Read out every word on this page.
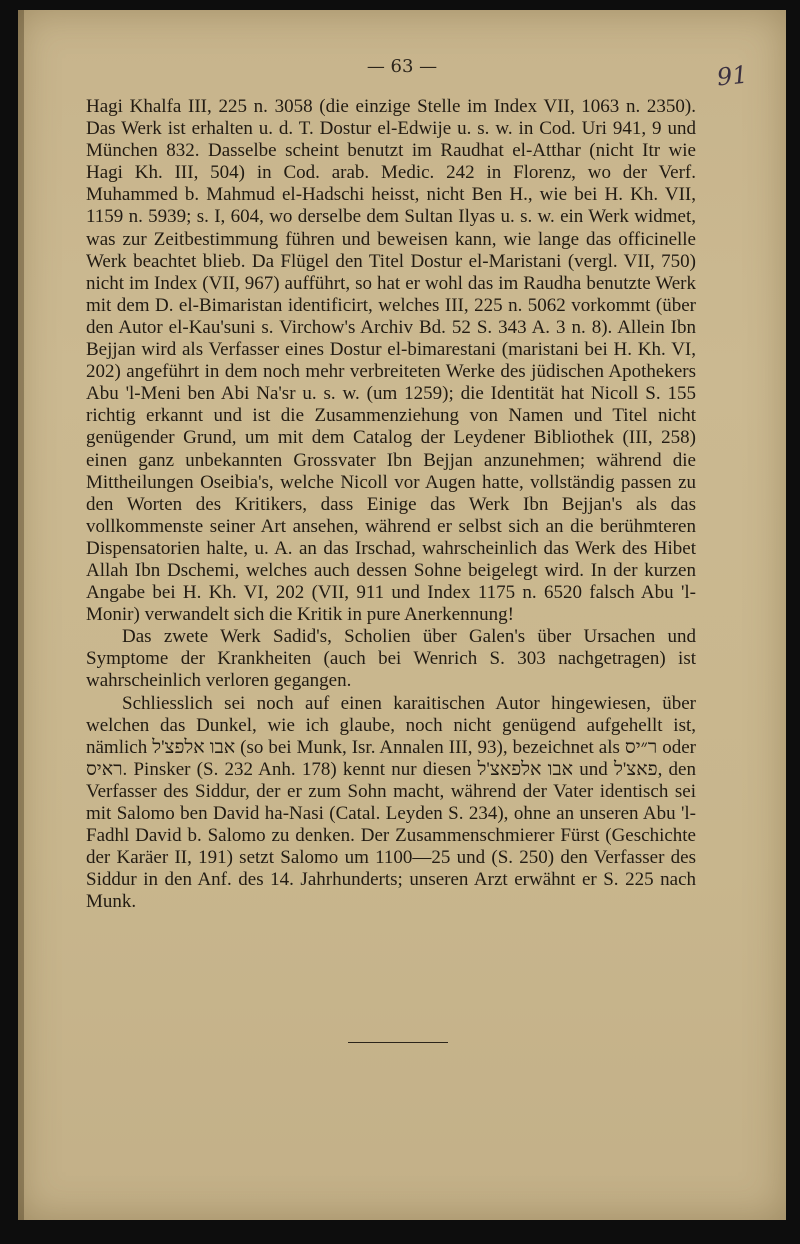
— 63 —	91

Hagi Khalfa III, 225 n. 3058 (die einzige Stelle im Index VII, 1063 n. 2350). Das Werk ist erhalten u. d. T. Dostur el-Edwije u. s. w. in Cod. Uri 941, 9 und München 832. Dasselbe scheint benutzt im Raudhat el-Atthar (nicht Itr wie Hagi Kh. III, 504) in Cod. arab. Medic. 242 in Florenz, wo der Verf. Muhammed b. Mahmud el-Hadschi heisst, nicht Ben H., wie bei H. Kh. VII, 1159 n. 5939; s. I, 604, wo derselbe dem Sultan Ilyas u. s. w. ein Werk widmet, was zur Zeitbestimmung führen und beweisen kann, wie lange das officinelle Werk beachtet blieb. Da Flügel den Titel Dostur el-Maristani (vergl. VII, 750) nicht im Index (VII, 967) aufführt, so hat er wohl das im Raudha benutzte Werk mit dem D. el-Bimaristan identificirt, welches III, 225 n. 5062 vorkommt (über den Autor el-Kau'suni s. Virchow's Archiv Bd. 52 S. 343 A. 3 n. 8). Allein Ibn Bejjan wird als Verfasser eines Dostur el-bimarestani (maristani bei H. Kh. VI, 202) angeführt in dem noch mehr verbreiteten Werke des jüdischen Apothekers Abu 'l-Meni ben Abi Na'sr u. s. w. (um 1259); die Identität hat Nicoll S. 155 richtig erkannt und ist die Zusammenziehung von Namen und Titel nicht genügender Grund, um mit dem Catalog der Leydener Bibliothek (III, 258) einen ganz unbekannten Grossvater Ibn Bejjan anzunehmen; während die Mittheilungen Oseibia's, welche Nicoll vor Augen hatte, vollständig passen zu den Worten des Kritikers, dass Einige das Werk Ibn Bejjan's als das vollkommenste seiner Art ansehen, während er selbst sich an die berühmteren Dispensatorien halte, u. A. an das Irschad, wahrscheinlich das Werk des Hibet Allah Ibn Dschemi, welches auch dessen Sohne beigelegt wird. In der kurzen Angabe bei H. Kh. VI, 202 (VII, 911 und Index 1175 n. 6520 falsch Abu 'l-Monir) verwandelt sich die Kritik in pure Anerkennung!

Das zwete Werk Sadid's, Scholien über Galen's über Ursachen und Symptome der Krankheiten (auch bei Wenrich S. 303 nachgetragen) ist wahrscheinlich verloren gegangen.

Schliesslich sei noch auf einen karaitischen Autor hingewiesen, über welchen das Dunkel, wie ich glaube, noch nicht genügend aufgehellt ist, nämlich אבו אלפצ'ל (so bei Munk, Isr. Annalen III, 93), bezeichnet als ר״יס oder ראיס. Pinsker (S. 232 Anh. 178) kennt nur diesen אבו אלפאצ'ל und פאצ'ל, den Verfasser des Siddur, der er zum Sohn macht, während der Vater identisch sei mit Salomo ben David ha-Nasi (Catal. Leyden S. 234), ohne an unseren Abu 'l-Fadhl David b. Salomo zu denken. Der Zusammenschmierer Fürst (Geschichte der Karäer II, 191) setzt Salomo um 1100—25 und (S. 250) den Verfasser des Siddur in den Anf. des 14. Jahrhunderts; unseren Arzt erwähnt er S. 225 nach Munk.
